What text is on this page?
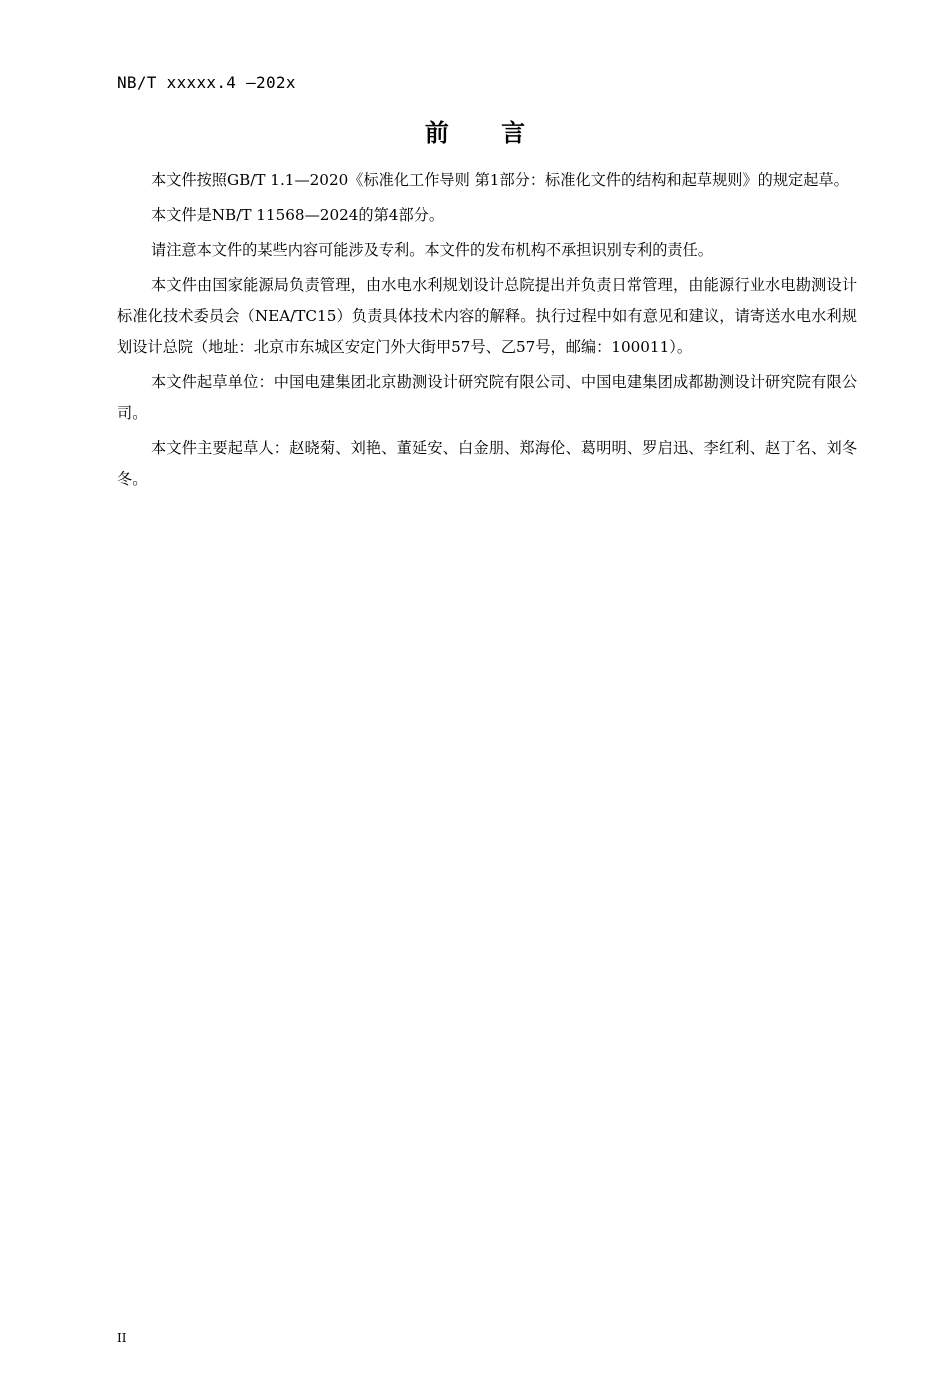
NB/T xxxxx.4 —202x
前 言

本文件按照GB/T 1.1—2020《标准化工作导则 第1部分：标准化文件的结构和起草规则》的规定起草。

本文件是NB/T 11568—2024的第4部分。

请注意本文件的某些内容可能涉及专利。本文件的发布机构不承担识别专利的责任。

本文件由国家能源局负责管理，由水电水利规划设计总院提出并负责日常管理，由能源行业水电勘测设计标准化技术委员会（NEA/TC15）负责具体技术内容的解释。执行过程中如有意见和建议，请寄送水电水利规划设计总院（地址：北京市东城区安定门外大街甲57号、乙57号，邮编：100011）。

本文件起草单位：中国电建集团北京勘测设计研究院有限公司、中国电建集团成都勘测设计研究院有限公司。

本文件主要起草人：赵晓菊、刘艳、董延安、白金朋、郑海伦、葛明明、罗启迅、李红利、赵丁名、刘冬冬。

II
